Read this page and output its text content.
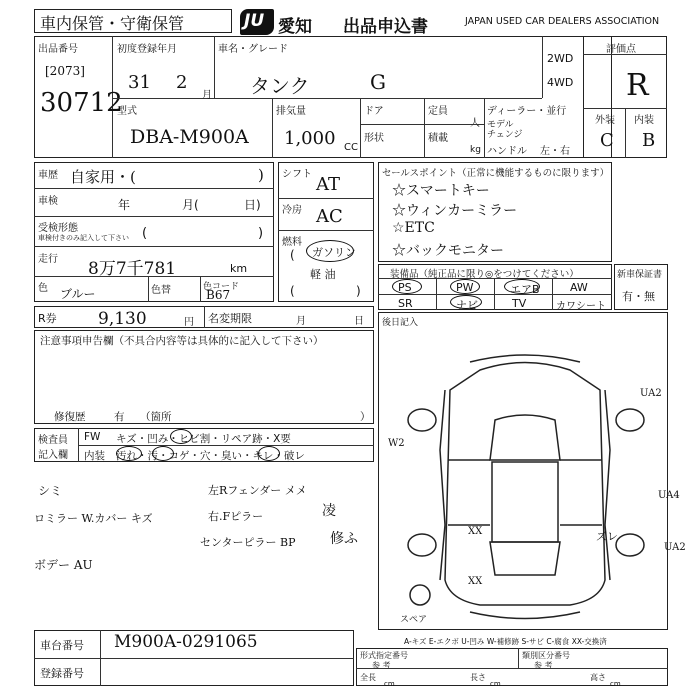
車内保管・守衛保管	JU 愛知 出品申込書	JAPAN USED CAR DEALERS ASSOCIATION
出品番号
[2073]
30712
初度登録年月
31 2
月
車名・グレード
タンク	G
2WD
4WD
評価点
R
外装 内装
C B
型式
DBA-M900A
排気量
1,000 CC
ドア
形状
定員
人
積載
kg
ディーラー・並行
モデル
チェンジ
ハンドル 左・右
車歴 自家用・(	)
車検	年	月(	日)
受検形態
車検付きのみ記入して下さい (	)
走行 8万7千781	km
色 ブルー	色替	色コード
B67
シフト AT
冷房 AC
燃料
( ガソリン
軽 油
(	)
セールスポイント（正常に機能するものに限ります）
☆スマートキー
☆ウィンカーミラー
☆ETC
☆バックモニター
装備品（純正品に限り◎をつけてください）
PS	PW	エアB	AW
SR	ナビ	TV	カワシート
新車保証書
有・無
R券 9,130	円 名変期限	月	日
注意事項申告欄（不具合内容等は具体的に記入して下さい）
修復歴	有 （箇所	）
後日記入
検査員
記入欄
FW キズ・凹み・ヒビ割・リペア跡・X要
内装 汚れ・汚・コゲ・穴・臭い・キレ・破レ
シミ
ロミラー W.カバー キズ
ボデー AU
左Rフェンダー メメ
右.Fピラー
センターピラー BP
凌
修ふ
UA2
W2
UA4
XX
XX
ズレ
UA2
スペア
A-キズ E-エクボ U-凹み W-補修跡 S-サビ C-腐食 XX-交換済
車台番号 M900A-0291065
登録番号
形式指定番号
参 考
類別区分番号
参 考
全長
cm
長さ
cm
高さ
cm
